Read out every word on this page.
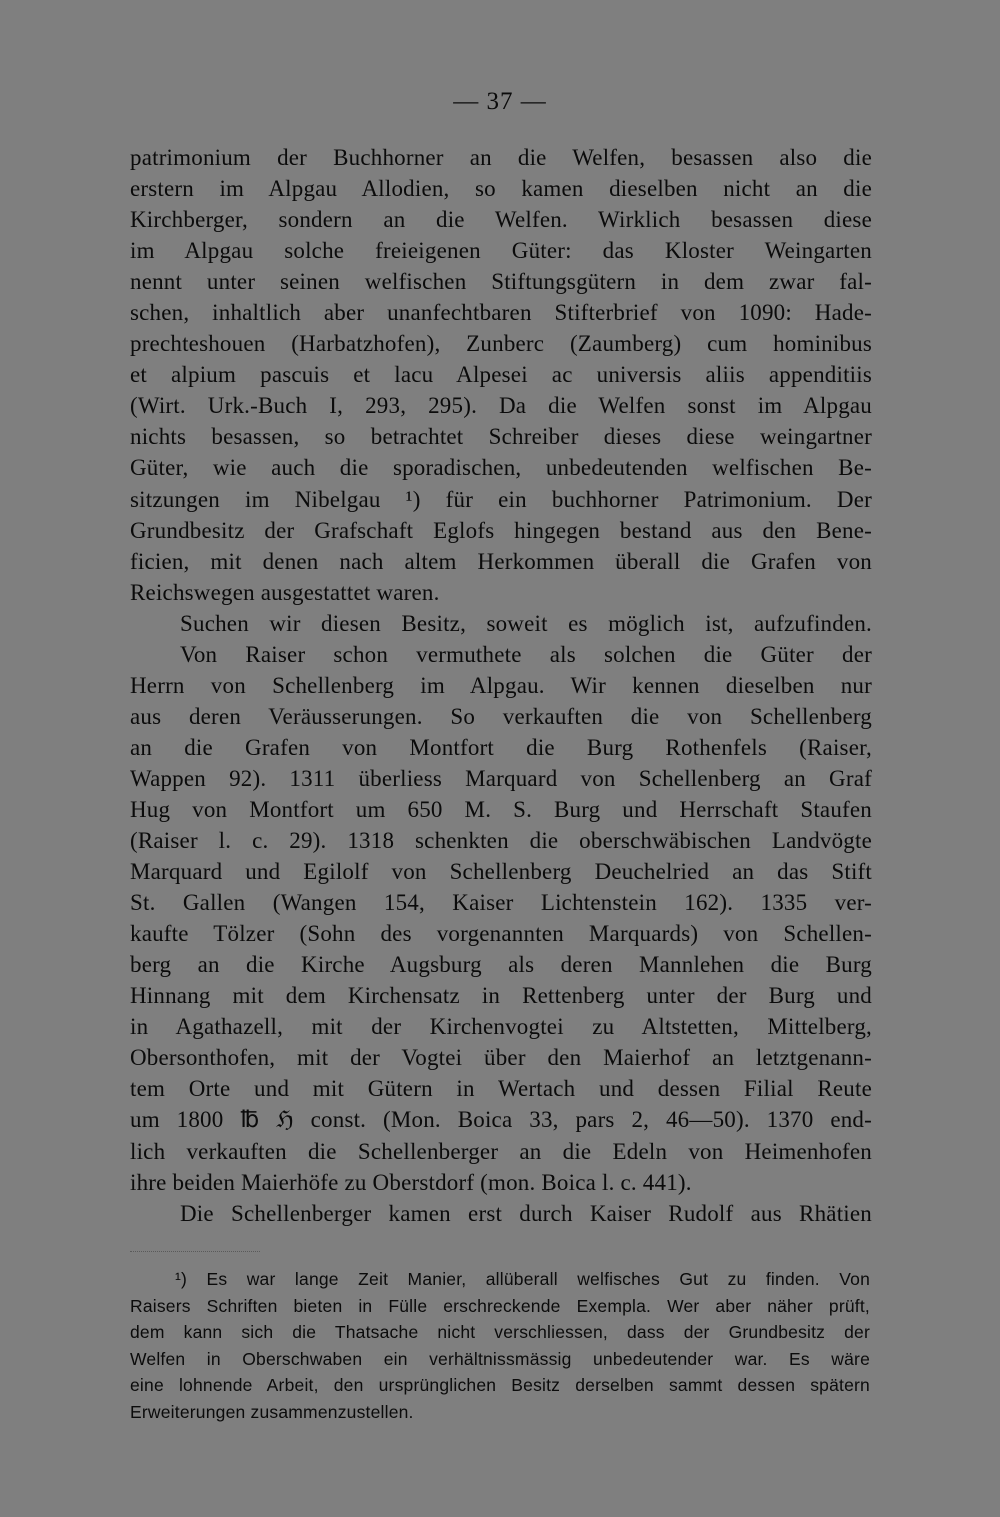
— 37 —
patrimonium der Buchhorner an die Welfen, besassen also die
erstern im Alpgau Allodien, so kamen dieselben nicht an die
Kirchberger, sondern an die Welfen. Wirklich besassen diese
im Alpgau solche freieigenen Güter: das Kloster Weingarten
nennt unter seinen welfischen Stiftungsgütern in dem zwar fal-
schen, inhaltlich aber unanfechtbaren Stifterbrief von 1090: Hade-
prechteshouen (Harbatzhofen), Zunberc (Zaumberg) cum hominibus
et alpium pascuis et lacu Alpesei ac universis aliis appenditiis
(Wirt. Urk.-Buch I, 293, 295). Da die Welfen sonst im Alpgau
nichts besassen, so betrachtet Schreiber dieses diese weingartner
Güter, wie auch die sporadischen, unbedeutenden welfischen Be-
sitzungen im Nibelgau ¹) für ein buchhorner Patrimonium. Der
Grundbesitz der Grafschaft Eglofs hingegen bestand aus den Bene-
ficien, mit denen nach altem Herkommen überall die Grafen von
Reichswegen ausgestattet waren.
Suchen wir diesen Besitz, soweit es möglich ist, aufzufinden.
Von Raiser schon vermuthete als solchen die Güter der
Herrn von Schellenberg im Alpgau. Wir kennen dieselben nur
aus deren Veräusserungen. So verkauften die von Schellenberg
an die Grafen von Montfort die Burg Rothenfels (Raiser,
Wappen 92). 1311 überliess Marquard von Schellenberg an Graf
Hug von Montfort um 650 M. S. Burg und Herrschaft Staufen
(Raiser l. c. 29). 1318 schenkten die oberschwäbischen Landvögte
Marquard und Egilolf von Schellenberg Deuchelried an das Stift
St. Gallen (Wangen 154, Kaiser Lichtenstein 162). 1335 ver-
kaufte Tölzer (Sohn des vorgenannten Marquards) von Schellen-
berg an die Kirche Augsburg als deren Mannlehen die Burg
Hinnang mit dem Kirchensatz in Rettenberg unter der Burg und
in Agathazell, mit der Kirchenvogtei zu Altstetten, Mittelberg,
Obersonthofen, mit der Vogtei über den Maierhof an letztgenann-
tem Orte und mit Gütern in Wertach und dessen Filial Reute
um 1800 ℔ ℌ const. (Mon. Boica 33, pars 2, 46—50). 1370 end-
lich verkauften die Schellenberger an die Edeln von Heimenhofen
ihre beiden Maierhöfe zu Oberstdorf (mon. Boica l. c. 441).
Die Schellenberger kamen erst durch Kaiser Rudolf aus Rhätien
¹) Es war lange Zeit Manier, allüberall welfisches Gut zu finden. Von
Raisers Schriften bieten in Fülle erschreckende Exempla. Wer aber näher prüft,
dem kann sich die Thatsache nicht verschliessen, dass der Grundbesitz der
Welfen in Oberschwaben ein verhältnissmässig unbedeutender war. Es wäre
eine lohnende Arbeit, den ursprünglichen Besitz derselben sammt dessen spätern
Erweiterungen zusammenzustellen.
